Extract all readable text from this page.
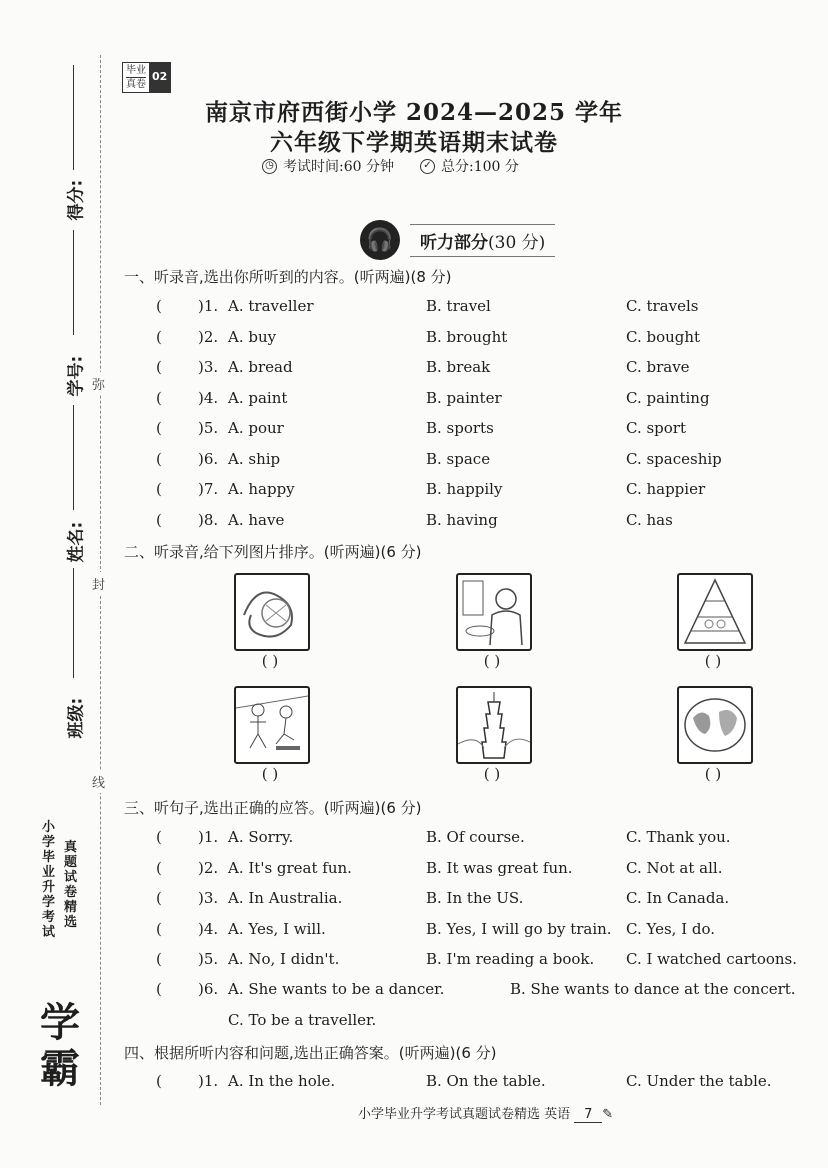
弥
封
线
得分:
学号:
姓名:
班级:
小学毕业升学考试
真题试卷精选
学霸
毕业
真卷
02
南京市府西街小学 2024—2025 学年
六年级下学期英语期末试卷
◷ 考试时间:60 分钟	✓ 总分:100 分
🎧	听力部分(30 分)
一、听录音,选出你所听到的内容。(听两遍)(8 分)
( )1. A. traveller	B. travel	C. travels
( )2. A. buy	B. brought	C. bought
( )3. A. bread	B. break	C. brave
( )4. A. paint	B. painter	C. painting
( )5. A. pour	B. sports	C. sport
( )6. A. ship	B. space	C. spaceship
( )7. A. happy	B. happily	C. happier
( )8. A. have	B. having	C. has
二、听录音,给下列图片排序。(听两遍)(6 分)
( )	( )	( )
( )	( )	( )
三、听句子,选出正确的应答。(听两遍)(6 分)
( )1. A. Sorry.	B. Of course.	C. Thank you.
( )2. A. It's great fun.	B. It was great fun.	C. Not at all.
( )3. A. In Australia.	B. In the US.	C. In Canada.
( )4. A. Yes, I will.	B. Yes, I will go by train. C. Yes, I do.
( )5. A. No, I didn't.	B. I'm reading a book. C. I watched cartoons.
( )6. A. She wants to be a dancer.	B. She wants to dance at the concert.
C. To be a traveller.
四、根据所听内容和问题,选出正确答案。(听两遍)(6 分)
( )1. A. In the hole.	B. On the table.	C. Under the table.
小学毕业升学考试真题试卷精选 英语 7 ✎
